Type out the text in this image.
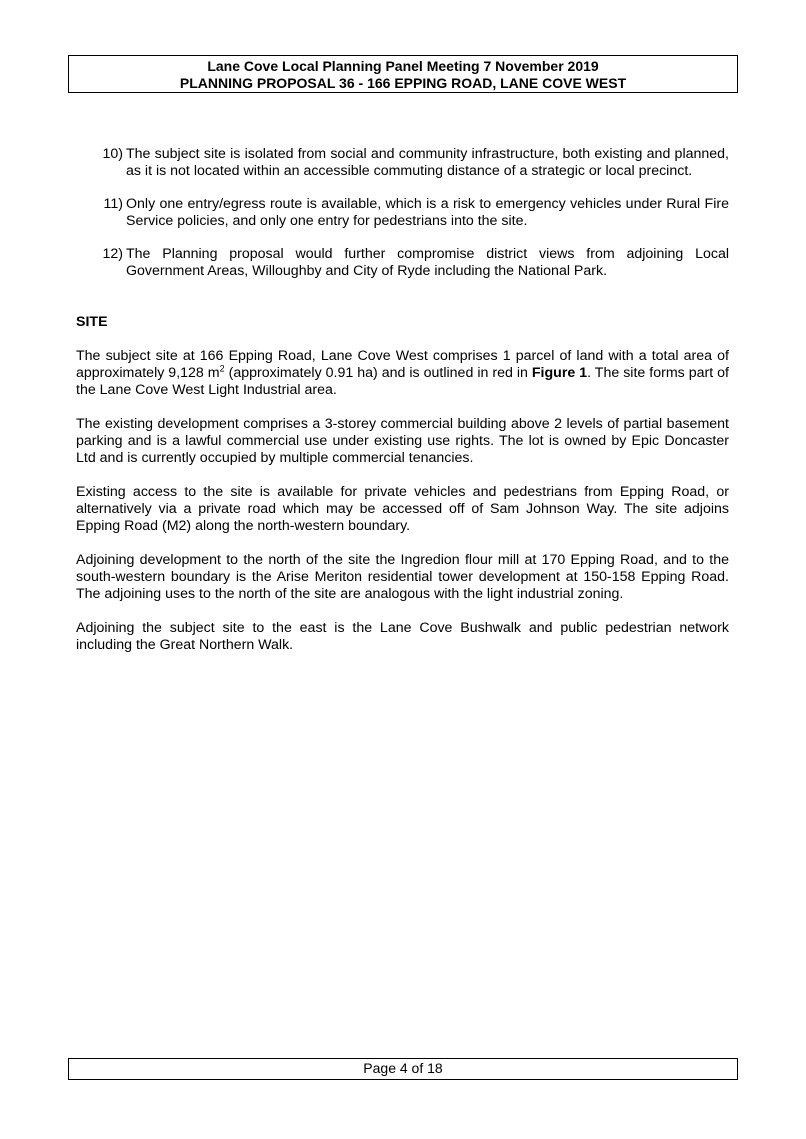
Lane Cove Local Planning Panel Meeting 7 November 2019
PLANNING PROPOSAL 36 - 166 EPPING ROAD, LANE COVE WEST
10) The subject site is isolated from social and community infrastructure, both existing and planned, as it is not located within an accessible commuting distance of a strategic or local precinct.
11) Only one entry/egress route is available, which is a risk to emergency vehicles under Rural Fire Service policies, and only one entry for pedestrians into the site.
12) The Planning proposal would further compromise district views from adjoining Local Government Areas, Willoughby and City of Ryde including the National Park.
SITE

The subject site at 166 Epping Road, Lane Cove West comprises 1 parcel of land with a total area of approximately 9,128 $m^2$ (approximately 0.91 ha) and is outlined in red in Figure 1. The site forms part of the Lane Cove West Light Industrial area.

The existing development comprises a 3-storey commercial building above 2 levels of partial basement parking and is a lawful commercial use under existing use rights. The lot is owned by Epic Doncaster Ltd and is currently occupied by multiple commercial tenancies.

Existing access to the site is available for private vehicles and pedestrians from Epping Road, or alternatively via a private road which may be accessed off of Sam Johnson Way. The site adjoins Epping Road (M2) along the north-western boundary.

Adjoining development to the north of the site the Ingredion flour mill at 170 Epping Road, and to the south-western boundary is the Arise Meriton residential tower development at 150-158 Epping Road. The adjoining uses to the north of the site are analogous with the light industrial zoning.

Adjoining the subject site to the east is the Lane Cove Bushwalk and public pedestrian network including the Great Northern Walk.

Page 4 of 18
